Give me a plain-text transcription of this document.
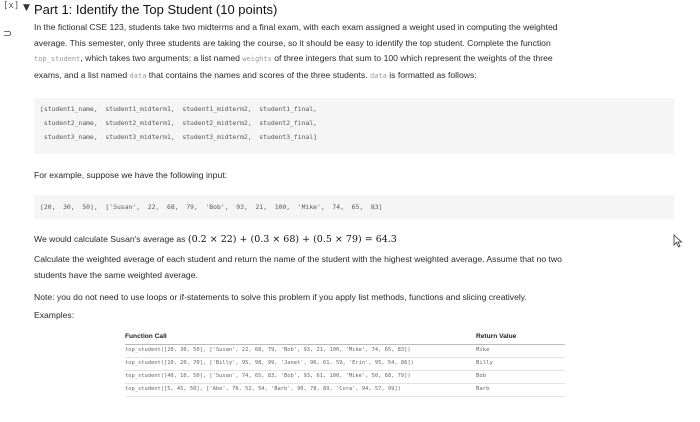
[x]
⊃
▼ Part 1: Identify the Top Student (10 points)
In the fictional CSE 123, students take two midterms and a final exam, with each exam assigned a weight used in computing the weighted
average. This semester, only three students are taking the course, so it should be easy to identify the top student. Complete the function
top_student, which takes two arguments: a list named weights of three integers that sum to 100 which represent the weights of the three
exams, and a list named data that contains the names and scores of the three students. data is formatted as follows:
[student1_name,  student1_midterm1,  student1_midterm2,  student1_final,
student2_name,  student2_midterm1,  student2_midterm2,  student2_final,
student3_name,  student3_midterm1,  student3_midterm2,  student3_final]
For example, suppose we have the following input:
[20,  30,  50],  ['Susan',  22,  68,  79,  'Bob',  93,  21,  100,  'Mike',  74,  65,  83]
We would calculate Susan's average as (0.2 × 22) + (0.3 × 68) + (0.5 × 79) = 64.3
Calculate the weighted average of each student and return the name of the student with the highest weighted average. Assume that no two
students have the same weighted average.
Note: you do not need to use loops or if-statements to solve this problem if you apply list methods, functions and slicing creatively.
Examples:
Function Call	Return Value
top_student([20, 30, 50], ['Susan', 22, 68, 79, 'Bob', 93, 21, 100, 'Mike', 74, 65, 83])	Mike
top_student([10, 20, 70], ['Billy', 95, 98, 99, 'Janet', 96, 61, 59, 'Erin', 95, 54, 86])	Billy
top_student([40, 10, 50], ['Susan', 74, 65, 83, 'Bob', 93, 61, 100, 'Mike', 50, 68, 79])	Bob
top_student([5, 45, 50], ['Abe', 76, 52, 54, 'Barb', 90, 78, 89, 'Cora', 94, 57, 99])	Barb
